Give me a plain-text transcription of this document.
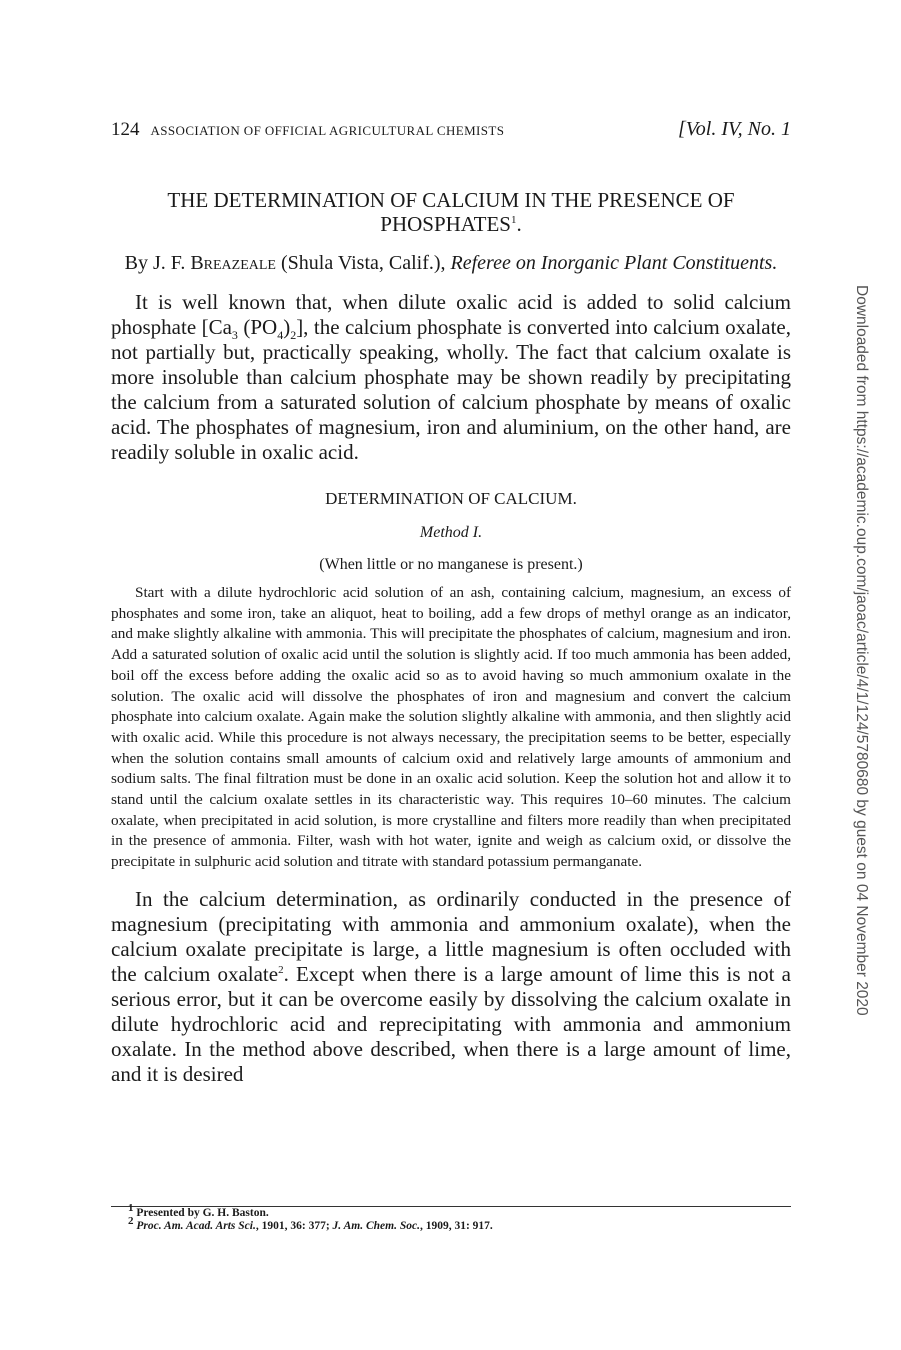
124 ASSOCIATION OF OFFICIAL AGRICULTURAL CHEMISTS	[Vol. IV, No. 1
THE DETERMINATION OF CALCIUM IN THE PRESENCE OF
PHOSPHATES$^1$.
By J. F. Breazeale (Shula Vista, Calif.), Referee on Inorganic Plant Constituents.

It is well known that, when dilute oxalic acid is added to solid calcium phosphate [$Ca_3$ $(PO_4)_2$], the calcium phosphate is converted into calcium oxalate, not partially but, practically speaking, wholly. The fact that calcium oxalate is more insoluble than calcium phosphate may be shown readily by precipitating the calcium from a saturated solution of calcium phosphate by means of oxalic acid. The phosphates of magnesium, iron and aluminium, on the other hand, are readily soluble in oxalic acid.

DETERMINATION OF CALCIUM.
Method I.
(When little or no manganese is present.)

Start with a dilute hydrochloric acid solution of an ash, containing calcium, magnesium, an excess of phosphates and some iron, take an aliquot, heat to boiling, add a few drops of methyl orange as an indicator, and make slightly alkaline with ammonia. This will precipitate the phosphates of calcium, magnesium and iron. Add a saturated solution of oxalic acid until the solution is slightly acid. If too much ammonia has been added, boil off the excess before adding the oxalic acid so as to avoid having so much ammonium oxalate in the solution. The oxalic acid will dissolve the phosphates of iron and magnesium and convert the calcium phosphate into calcium oxalate. Again make the solution slightly alkaline with ammonia, and then slightly acid with oxalic acid. While this procedure is not always necessary, the precipitation seems to be better, especially when the solution contains small amounts of calcium oxid and relatively large amounts of ammonium and sodium salts. The final filtration must be done in an oxalic acid solution. Keep the solution hot and allow it to stand until the calcium oxalate settles in its characteristic way. This requires 10–60 minutes. The calcium oxalate, when precipitated in acid solution, is more crystalline and filters more readily than when precipitated in the presence of ammonia. Filter, wash with hot water, ignite and weigh as calcium oxid, or dissolve the precipitate in sulphuric acid solution and titrate with standard potassium permanganate.

In the calcium determination, as ordinarily conducted in the presence of magnesium (precipitating with ammonia and ammonium oxalate), when the calcium oxalate precipitate is large, a little magnesium is often occluded with the calcium oxalate$^2$. Except when there is a large amount of lime this is not a serious error, but it can be overcome easily by dissolving the calcium oxalate in dilute hydrochloric acid and reprecipitating with ammonia and ammonium oxalate. In the method above described, when there is a large amount of lime, and it is desired

$^1$ Presented by G. H. Baston.
$^2$ Proc. Am. Acad. Arts Sci., 1901, 36: 377; J. Am. Chem. Soc., 1909, 31: 917.
Downloaded from https://academic.oup.com/jaoac/article/4/1/124/5780680 by guest on 04 November 2020
